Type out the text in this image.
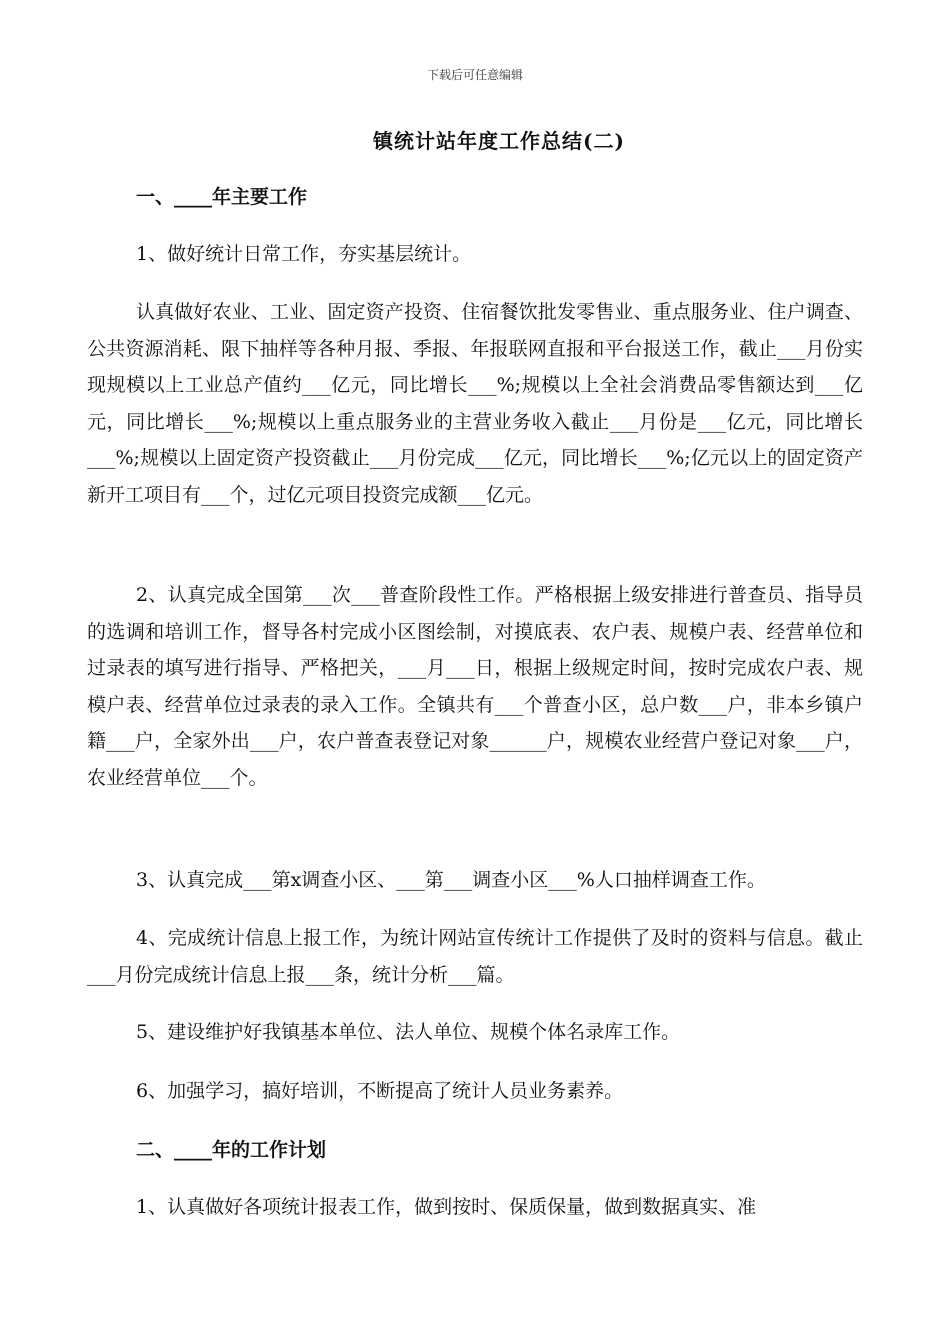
下载后可任意编辑
镇统计站年度工作总结(二)
一、____年主要工作
1、做好统计日常工作，夯实基层统计。
认真做好农业、工业、固定资产投资、住宿餐饮批发零售业、重点服务业、住户调查、公共资源消耗、限下抽样等各种月报、季报、年报联网直报和平台报送工作，截止___月份实现规模以上工业总产值约___亿元，同比增长___%;规模以上全社会消费品零售额达到___亿元，同比增长___%;规模以上重点服务业的主营业务收入截止___月份是___亿元，同比增长___%;规模以上固定资产投资截止___月份完成___亿元，同比增长___%;亿元以上的固定资产新开工项目有___个，过亿元项目投资完成额___亿元。
2、认真完成全国第___次___普查阶段性工作。严格根据上级安排进行普查员、指导员的选调和培训工作，督导各村完成小区图绘制，对摸底表、农户表、规模户表、经营单位和过录表的填写进行指导、严格把关，___月___日，根据上级规定时间，按时完成农户表、规模户表、经营单位过录表的录入工作。全镇共有___个普查小区，总户数___户，非本乡镇户籍___户，全家外出___户，农户普查表登记对象______户，规模农业经营户登记对象___户，农业经营单位___个。
3、认真完成___第x调查小区、___第___调查小区___%人口抽样调查工作。
4、完成统计信息上报工作，为统计网站宣传统计工作提供了及时的资料与信息。截止___月份完成统计信息上报___条，统计分析___篇。
5、建设维护好我镇基本单位、法人单位、规模个体名录库工作。
6、加强学习，搞好培训，不断提高了统计人员业务素养。
二、____年的工作计划
1、认真做好各项统计报表工作，做到按时、保质保量，做到数据真实、准
